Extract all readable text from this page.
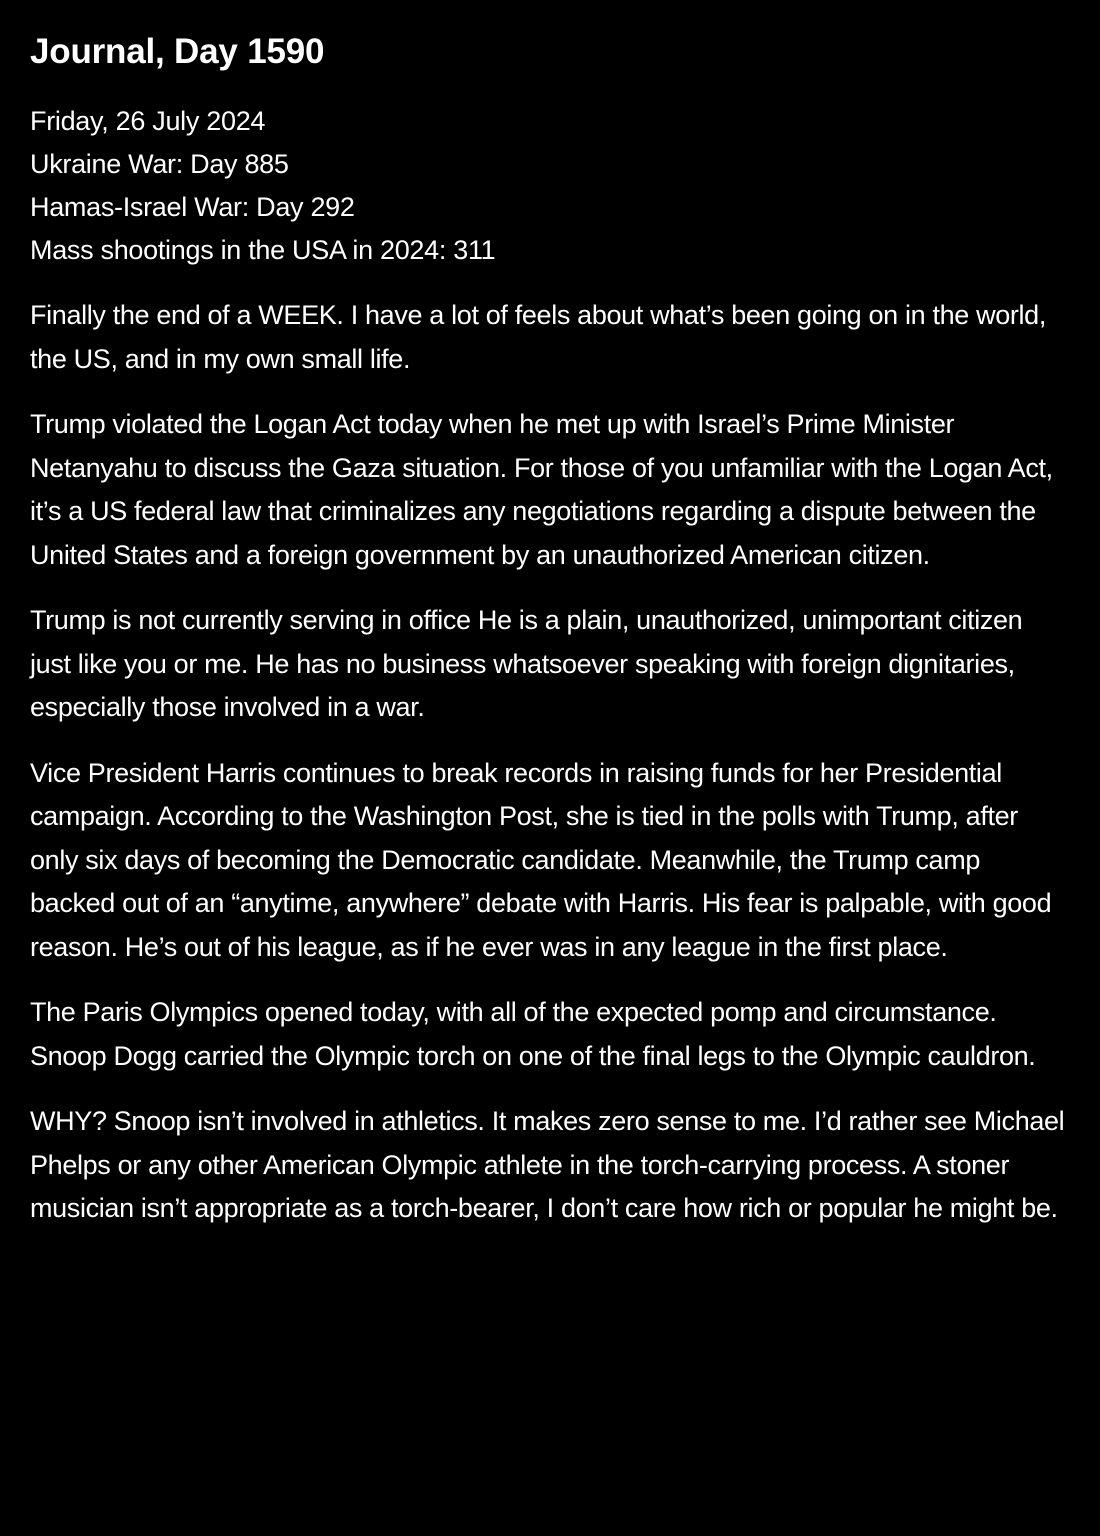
Journal, Day 1590
Friday, 26 July 2024
Ukraine War: Day 885
Hamas-Israel War: Day 292
Mass shootings in the USA in 2024: 311

Finally the end of a WEEK. I have a lot of feels about what’s been going on in the world, the US, and in my own small life.

Trump violated the Logan Act today when he met up with Israel’s Prime Minister Netanyahu to discuss the Gaza situation. For those of you unfamiliar with the Logan Act, it’s a US federal law that criminalizes any negotiations regarding a dispute between the United States and a foreign government by an unauthorized American citizen.

Trump is not currently serving in office He is a plain, unauthorized, unimportant citizen just like you or me. He has no business whatsoever speaking with foreign dignitaries, especially those involved in a war.

Vice President Harris continues to break records in raising funds for her Presidential campaign. According to the Washington Post, she is tied in the polls with Trump, after only six days of becoming the Democratic candidate. Meanwhile, the Trump camp backed out of an “anytime, anywhere” debate with Harris. His fear is palpable, with good reason. He’s out of his league, as if he ever was in any league in the first place.

The Paris Olympics opened today, with all of the expected pomp and circumstance. Snoop Dogg carried the Olympic torch on one of the final legs to the Olympic cauldron.

WHY? Snoop isn’t involved in athletics. It makes zero sense to me. I’d rather see Michael Phelps or any other American Olympic athlete in the torch-carrying process. A stoner musician isn’t appropriate as a torch-bearer, I don’t care how rich or popular he might be.
